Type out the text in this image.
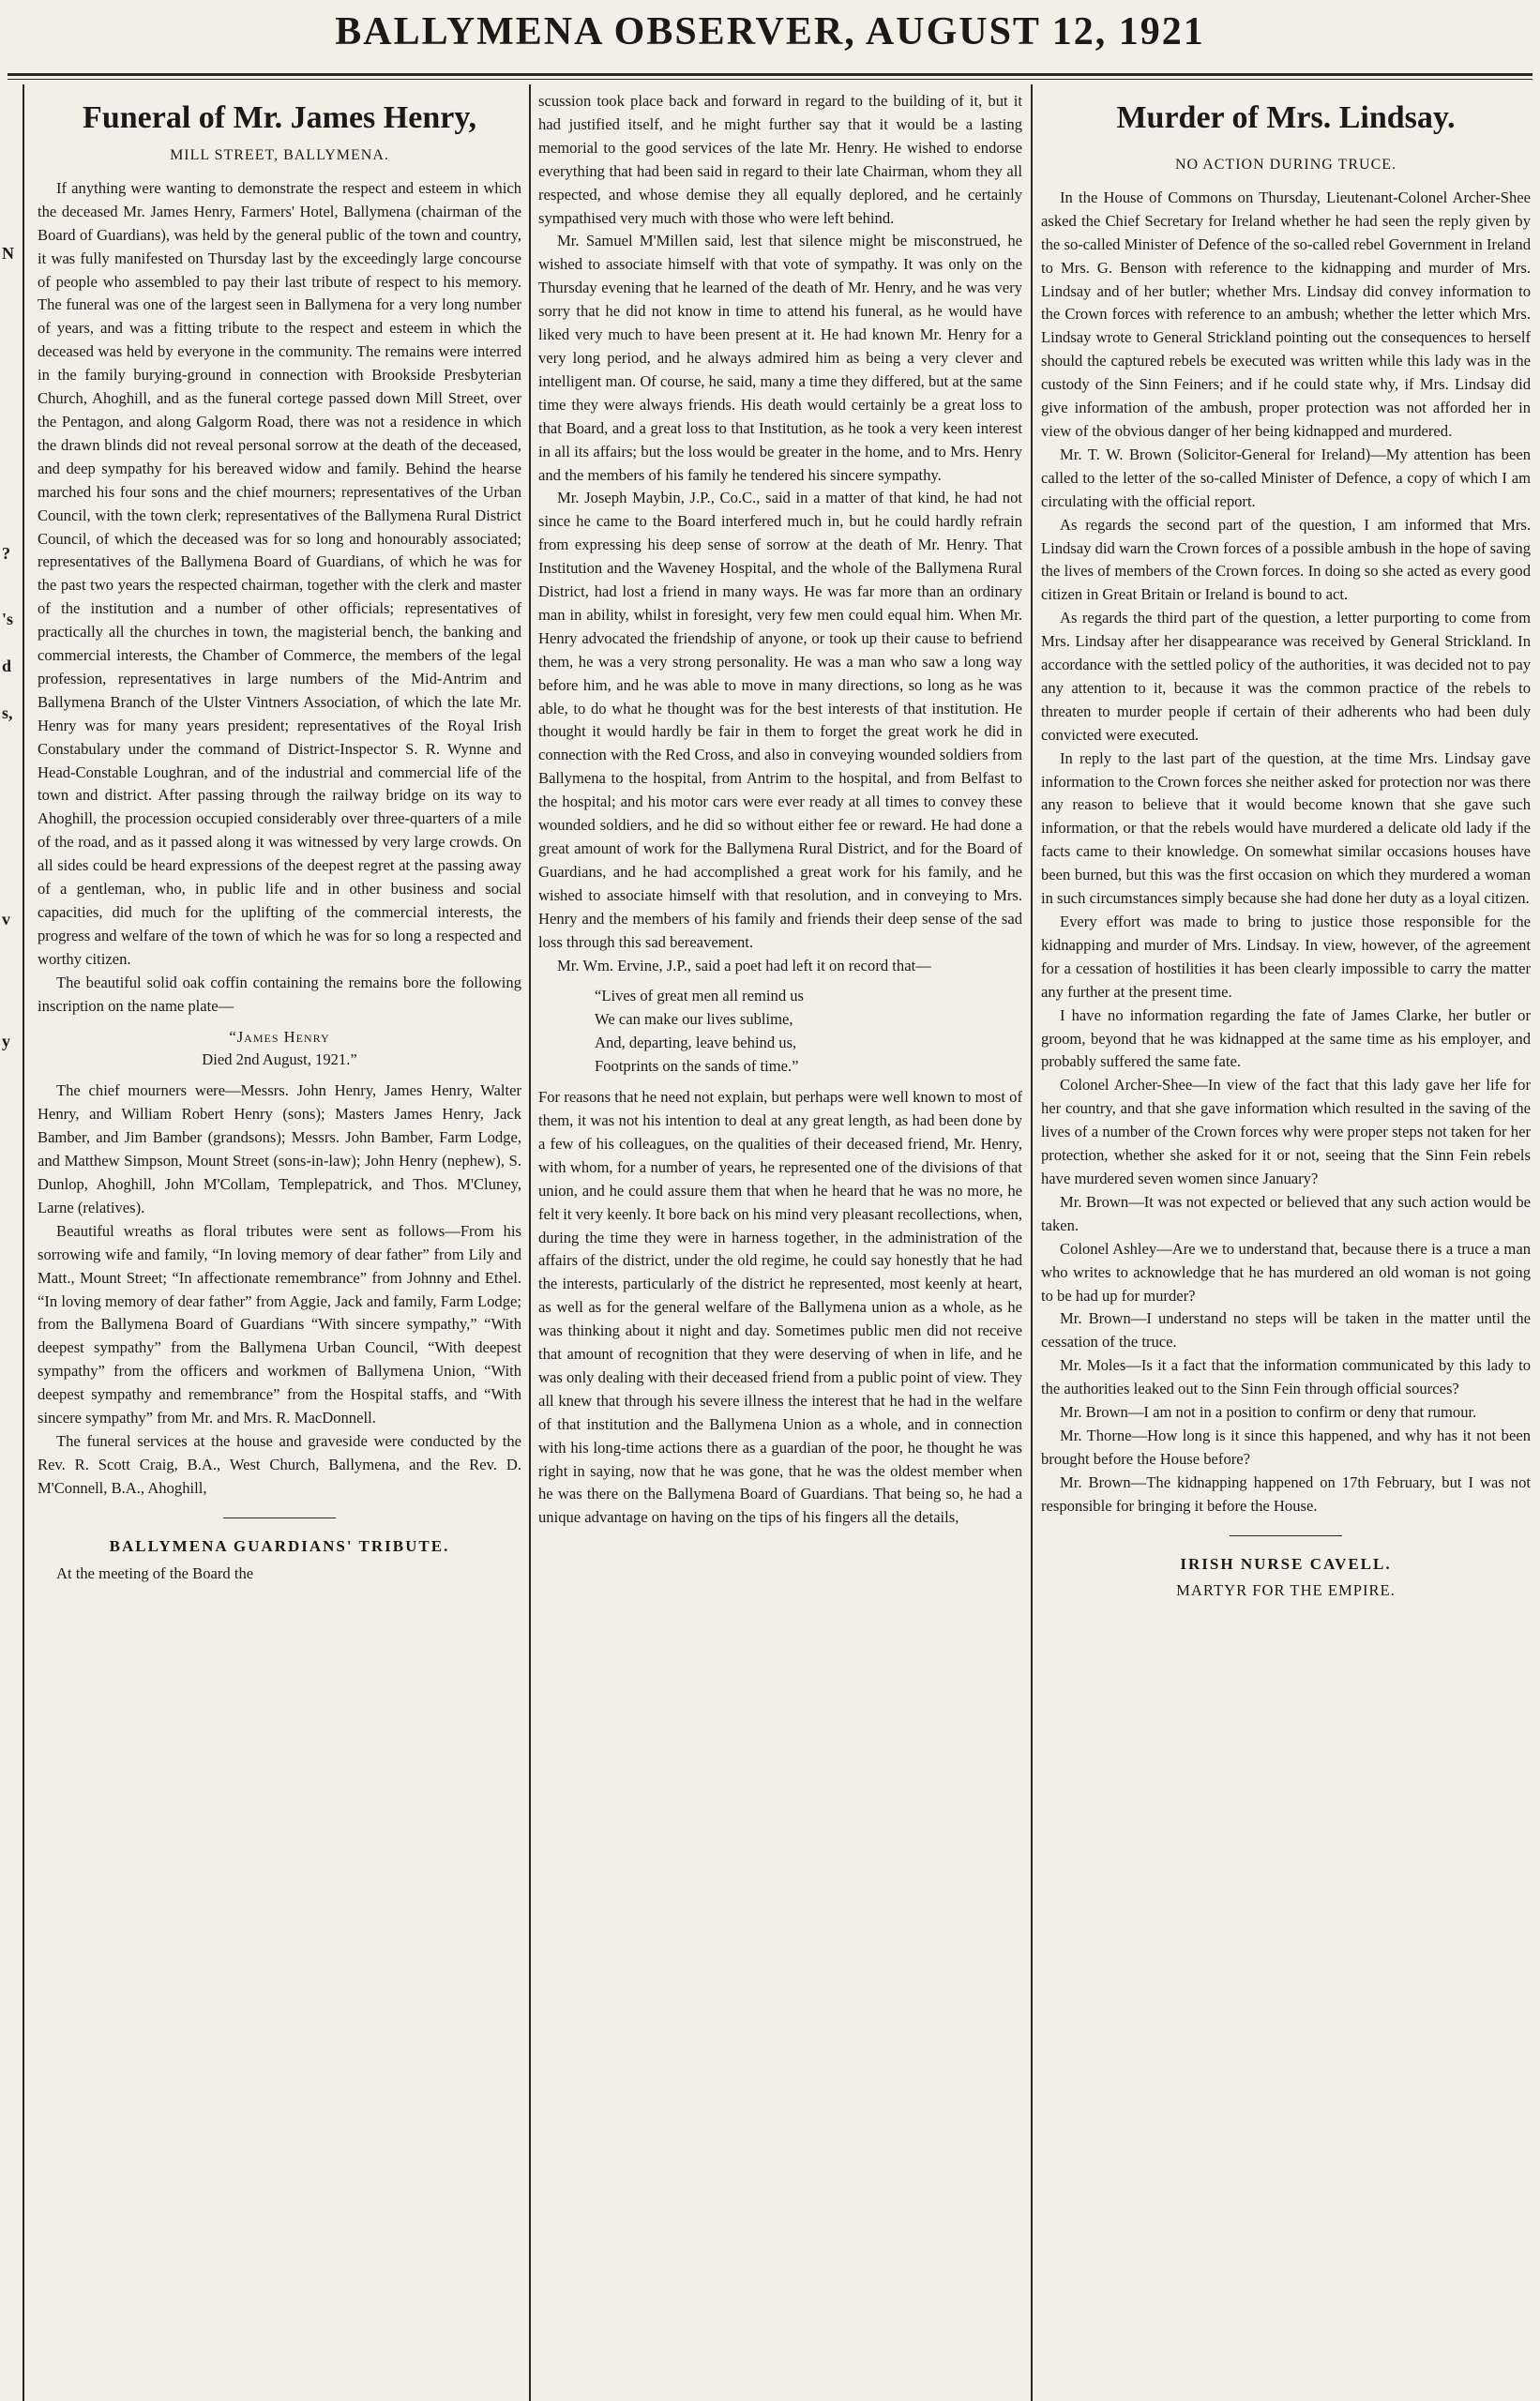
BALLYMENA OBSERVER, AUGUST 12, 1921
N
?
's
d
s,
v
y
Funeral of Mr. James Henry,
MILL STREET, BALLYMENA.

If anything were wanting to demonstrate the respect and esteem in which the deceased Mr. James Henry, Farmers' Hotel, Ballymena (chairman of the Board of Guardians), was held by the general public of the town and country, it was fully manifested on Thursday last by the exceedingly large concourse of people who assembled to pay their last tribute of respect to his memory. The funeral was one of the largest seen in Ballymena for a very long number of years, and was a fitting tribute to the respect and esteem in which the deceased was held by everyone in the community. The remains were interred in the family burying-ground in connection with Brookside Presbyterian Church, Ahoghill, and as the funeral cortege passed down Mill Street, over the Pentagon, and along Galgorm Road, there was not a residence in which the drawn blinds did not reveal personal sorrow at the death of the deceased, and deep sympathy for his bereaved widow and family. Behind the hearse marched his four sons and the chief mourners; representatives of the Urban Council, with the town clerk; representatives of the Ballymena Rural District Council, of which the deceased was for so long and honourably associated; representatives of the Ballymena Board of Guardians, of which he was for the past two years the respected chairman, together with the clerk and master of the institution and a number of other officials; representatives of practically all the churches in town, the magisterial bench, the banking and commercial interests, the Chamber of Commerce, the members of the legal profession, representatives in large numbers of the Mid-Antrim and Ballymena Branch of the Ulster Vintners Association, of which the late Mr. Henry was for many years president; representatives of the Royal Irish Constabulary under the command of District-Inspector S. R. Wynne and Head-Constable Loughran, and of the industrial and commercial life of the town and district. After passing through the railway bridge on its way to Ahoghill, the procession occupied considerably over three-quarters of a mile of the road, and as it passed along it was witnessed by very large crowds. On all sides could be heard expressions of the deepest regret at the passing away of a gentleman, who, in public life and in other business and social capacities, did much for the uplifting of the commercial interests, the progress and welfare of the town of which he was for so long a respected and worthy citizen.

The beautiful solid oak coffin containing the remains bore the following inscription on the name plate—

“James Henry

Died 2nd August, 1921.”

The chief mourners were—Messrs. John Henry, James Henry, Walter Henry, and William Robert Henry (sons); Masters James Henry, Jack Bamber, and Jim Bamber (grandsons); Messrs. John Bamber, Farm Lodge, and Matthew Simpson, Mount Street (sons-in-law); John Henry (nephew), S. Dunlop, Ahoghill, John M'Collam, Templepatrick, and Thos. M'Cluney, Larne (relatives).

Beautiful wreaths as floral tributes were sent as follows—From his sorrowing wife and family, “In loving memory of dear father” from Lily and Matt., Mount Street; “In affectionate remembrance” from Johnny and Ethel. “In loving memory of dear father” from Aggie, Jack and family, Farm Lodge; from the Ballymena Board of Guardians “With sincere sympathy,” “With deepest sympathy” from the Ballymena Urban Council, “With deepest sympathy” from the officers and workmen of Ballymena Union, “With deepest sympathy and remembrance” from the Hospital staffs, and “With sincere sympathy” from Mr. and Mrs. R. MacDonnell.

The funeral services at the house and graveside were conducted by the Rev. R. Scott Craig, B.A., West Church, Ballymena, and the Rev. D. M'Connell, B.A., Ahoghill,

BALLYMENA GUARDIANS' TRIBUTE.

At the meeting of the Board the

scussion took place back and forward in regard to the building of it, but it had justified itself, and he might further say that it would be a lasting memorial to the good services of the late Mr. Henry. He wished to endorse everything that had been said in regard to their late Chairman, whom they all respected, and whose demise they all equally deplored, and he certainly sympathised very much with those who were left behind.

Mr. Samuel M'Millen said, lest that silence might be misconstrued, he wished to associate himself with that vote of sympathy. It was only on the Thursday evening that he learned of the death of Mr. Henry, and he was very sorry that he did not know in time to attend his funeral, as he would have liked very much to have been present at it. He had known Mr. Henry for a very long period, and he always admired him as being a very clever and intelligent man. Of course, he said, many a time they differed, but at the same time they were always friends. His death would certainly be a great loss to that Board, and a great loss to that Institution, as he took a very keen interest in all its affairs; but the loss would be greater in the home, and to Mrs. Henry and the members of his family he tendered his sincere sympathy.

Mr. Joseph Maybin, J.P., Co.C., said in a matter of that kind, he had not since he came to the Board interfered much in, but he could hardly refrain from expressing his deep sense of sorrow at the death of Mr. Henry. That Institution and the Waveney Hospital, and the whole of the Ballymena Rural District, had lost a friend in many ways. He was far more than an ordinary man in ability, whilst in foresight, very few men could equal him. When Mr. Henry advocated the friendship of anyone, or took up their cause to befriend them, he was a very strong personality. He was a man who saw a long way before him, and he was able to move in many directions, so long as he was able, to do what he thought was for the best interests of that institution. He thought it would hardly be fair in them to forget the great work he did in connection with the Red Cross, and also in conveying wounded soldiers from Ballymena to the hospital, from Antrim to the hospital, and from Belfast to the hospital; and his motor cars were ever ready at all times to convey these wounded soldiers, and he did so without either fee or reward. He had done a great amount of work for the Ballymena Rural District, and for the Board of Guardians, and he had accomplished a great work for his family, and he wished to associate himself with that resolution, and in conveying to Mrs. Henry and the members of his family and friends their deep sense of the sad loss through this sad bereavement.

Mr. Wm. Ervine, J.P., said a poet had left it on record that—

“Lives of great men all remind us
We can make our lives sublime,
And, departing, leave behind us,
Footprints on the sands of time.”

For reasons that he need not explain, but perhaps were well known to most of them, it was not his intention to deal at any great length, as had been done by a few of his colleagues, on the qualities of their deceased friend, Mr. Henry, with whom, for a number of years, he represented one of the divisions of that union, and he could assure them that when he heard that he was no more, he felt it very keenly. It bore back on his mind very pleasant recollections, when, during the time they were in harness together, in the administration of the affairs of the district, under the old regime, he could say honestly that he had the interests, particularly of the district he represented, most keenly at heart, as well as for the general welfare of the Ballymena union as a whole, as he was thinking about it night and day. Sometimes public men did not receive that amount of recognition that they were deserving of when in life, and he was only dealing with their deceased friend from a public point of view. They all knew that through his severe illness the interest that he had in the welfare of that institution and the Ballymena Union as a whole, and in connection with his long-time actions there as a guardian of the poor, he thought he was right in saying, now that he was gone, that he was the oldest member when he was there on the Ballymena Board of Guardians. That being so, he had a unique advantage on having on the tips of his fingers all the details,

Murder of Mrs. Lindsay.
NO ACTION DURING TRUCE.

In the House of Commons on Thursday, Lieutenant-Colonel Archer-Shee asked the Chief Secretary for Ireland whether he had seen the reply given by the so-called Minister of Defence of the so-called rebel Government in Ireland to Mrs. G. Benson with reference to the kidnapping and murder of Mrs. Lindsay and of her butler; whether Mrs. Lindsay did convey information to the Crown forces with reference to an ambush; whether the letter which Mrs. Lindsay wrote to General Strickland pointing out the consequences to herself should the captured rebels be executed was written while this lady was in the custody of the Sinn Feiners; and if he could state why, if Mrs. Lindsay did give information of the ambush, proper protection was not afforded her in view of the obvious danger of her being kidnapped and murdered.

Mr. T. W. Brown (Solicitor-General for Ireland)—My attention has been called to the letter of the so-called Minister of Defence, a copy of which I am circulating with the official report.

As regards the second part of the question, I am informed that Mrs. Lindsay did warn the Crown forces of a possible ambush in the hope of saving the lives of members of the Crown forces. In doing so she acted as every good citizen in Great Britain or Ireland is bound to act.

As regards the third part of the question, a letter purporting to come from Mrs. Lindsay after her disappearance was received by General Strickland. In accordance with the settled policy of the authorities, it was decided not to pay any attention to it, because it was the common practice of the rebels to threaten to murder people if certain of their adherents who had been duly convicted were executed.

In reply to the last part of the question, at the time Mrs. Lindsay gave information to the Crown forces she neither asked for protection nor was there any reason to believe that it would become known that she gave such information, or that the rebels would have murdered a delicate old lady if the facts came to their knowledge. On somewhat similar occasions houses have been burned, but this was the first occasion on which they murdered a woman in such circumstances simply because she had done her duty as a loyal citizen.

Every effort was made to bring to justice those responsible for the kidnapping and murder of Mrs. Lindsay. In view, however, of the agreement for a cessation of hostilities it has been clearly impossible to carry the matter any further at the present time.

I have no information regarding the fate of James Clarke, her butler or groom, beyond that he was kidnapped at the same time as his employer, and probably suffered the same fate.

Colonel Archer-Shee—In view of the fact that this lady gave her life for her country, and that she gave information which resulted in the saving of the lives of a number of the Crown forces why were proper steps not taken for her protection, whether she asked for it or not, seeing that the Sinn Fein rebels have murdered seven women since January?

Mr. Brown—It was not expected or believed that any such action would be taken.

Colonel Ashley—Are we to understand that, because there is a truce a man who writes to acknowledge that he has murdered an old woman is not going to be had up for murder?

Mr. Brown—I understand no steps will be taken in the matter until the cessation of the truce.

Mr. Moles—Is it a fact that the information communicated by this lady to the authorities leaked out to the Sinn Fein through official sources?

Mr. Brown—I am not in a position to confirm or deny that rumour.

Mr. Thorne—How long is it since this happened, and why has it not been brought before the House before?

Mr. Brown—The kidnapping happened on 17th February, but I was not responsible for bringing it before the House.

IRISH NURSE CAVELL.

MARTYR FOR THE EMPIRE.
